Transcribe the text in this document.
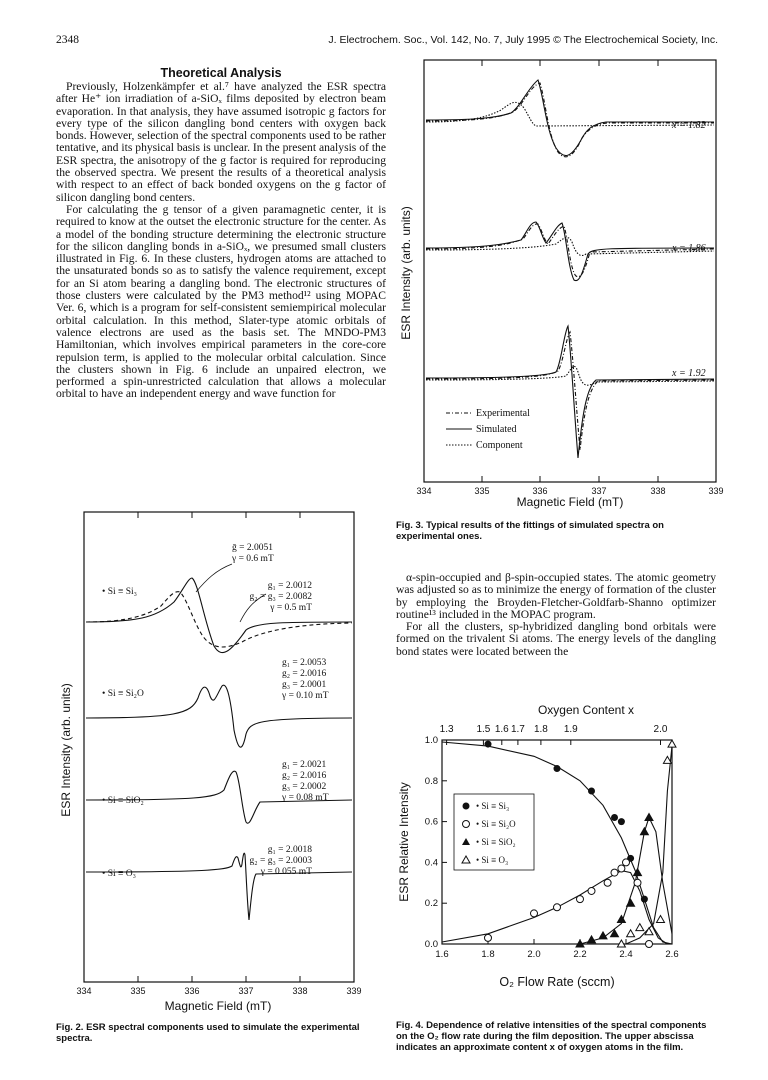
2348	J. Electrochem. Soc., Vol. 142, No. 7, July 1995 © The Electrochemical Society, Inc.
Theoretical Analysis

Previously, Holzenkämpfer et al.⁷ have analyzed the ESR spectra after He⁺ ion irradiation of a-SiOₓ films deposited by electron beam evaporation. In that analysis, they have assumed isotropic g factors for every type of the silicon dangling bond centers with oxygen back bonds. However, selection of the spectral components used to be rather tentative, and its physical basis is unclear. In the present analysis of the ESR spectra, the anisotropy of the g factor is required for reproducing the observed spectra. We present the results of a theoretical analysis with respect to an effect of back bonded oxygens on the g factor of silicon dangling bond centers.

For calculating the g tensor of a given paramagnetic center, it is required to know at the outset the electronic structure for the center. As a model of the bonding structure determining the electronic structure for the silicon dangling bonds in a-SiOₓ, we presumed small clusters illustrated in Fig. 6. In these clusters, hydrogen atoms are attached to the unsaturated bonds so as to satisfy the valence requirement, except for an Si atom bearing a dangling bond. The electronic structures of those clusters were calculated by the PM3 method¹² using MOPAC Ver. 6, which is a program for self-consistent semiempirical molecular orbital calculation. In this method, Slater-type atomic orbitals of valence electrons are used as the basis set. The MNDO-PM3 Hamiltonian, which involves empirical parameters in the core-core repulsion term, is applied to the molecular orbital calculation. Since the clusters shown in Fig. 6 include an unpaired electron, we performed a spin-unrestricted calculation that allows a molecular orbital to have an independent energy and wave function for

α-spin-occupied and β-spin-occupied states. The atomic geometry was adjusted so as to minimize the energy of formation of the cluster by employing the Broyden-Fletcher-Goldfarb-Shanno optimizer routine¹³ included in the MOPAC program.

For all the clusters, sp-hybridized dangling bond orbitals were formed on the trivalent Si atoms. The energy levels of the dangling bond states were located between the

334	335	336	337	338	339
Magnetic Field (mT)
ESR Intensity (arb. units)
x = 1.82
x = 1.86
x = 1.92
Experimental
Simulated
Component
Fig. 3. Typical results of the fittings of simulated spectra on experimental ones.
334	335	336	337	338	339
Magnetic Field (mT)
ESR Intensity (arb. units)
ḡ = 2.0051
γ = 0.6 mT
• Si ≡ Si₃
g₁ = 2.0012
g₂ = g₃ = 2.0082
γ = 0.5 mT
• Si ≡ Si₂O
g₁ = 2.0053
g₂ = 2.0016
g₃ = 2.0001
γ = 0.10 mT
• Si ≡ SiO₂
g₁ = 2.0021
g₂ = 2.0016
g₃ = 2.0002
γ = 0.08 mT
• Si ≡ O₃
g₁ = 2.0018
g₂ = g₃ = 2.0003
γ = 0.055 mT
Fig. 2. ESR spectral components used to simulate the experimental spectra.
Oxygen Content x
1.3 1.5 1.6 1.7 1.8 1.9	2.0
1.6	1.8	2.0	2.2	2.4	2.6
0.0
0.2
0.4
0.6
0.8
1.0
O₂ Flow Rate (sccm)
ESR Relative Intensity	• Si ≡ Si₃
• Si ≡ Si₂O
• Si ≡ SiO₂
• Si ≡ O₃
Fig. 4. Dependence of relative intensities of the spectral components on the O₂ flow rate during the film deposition. The upper abscissa indicates an approximate content x of oxygen atoms in the film.
